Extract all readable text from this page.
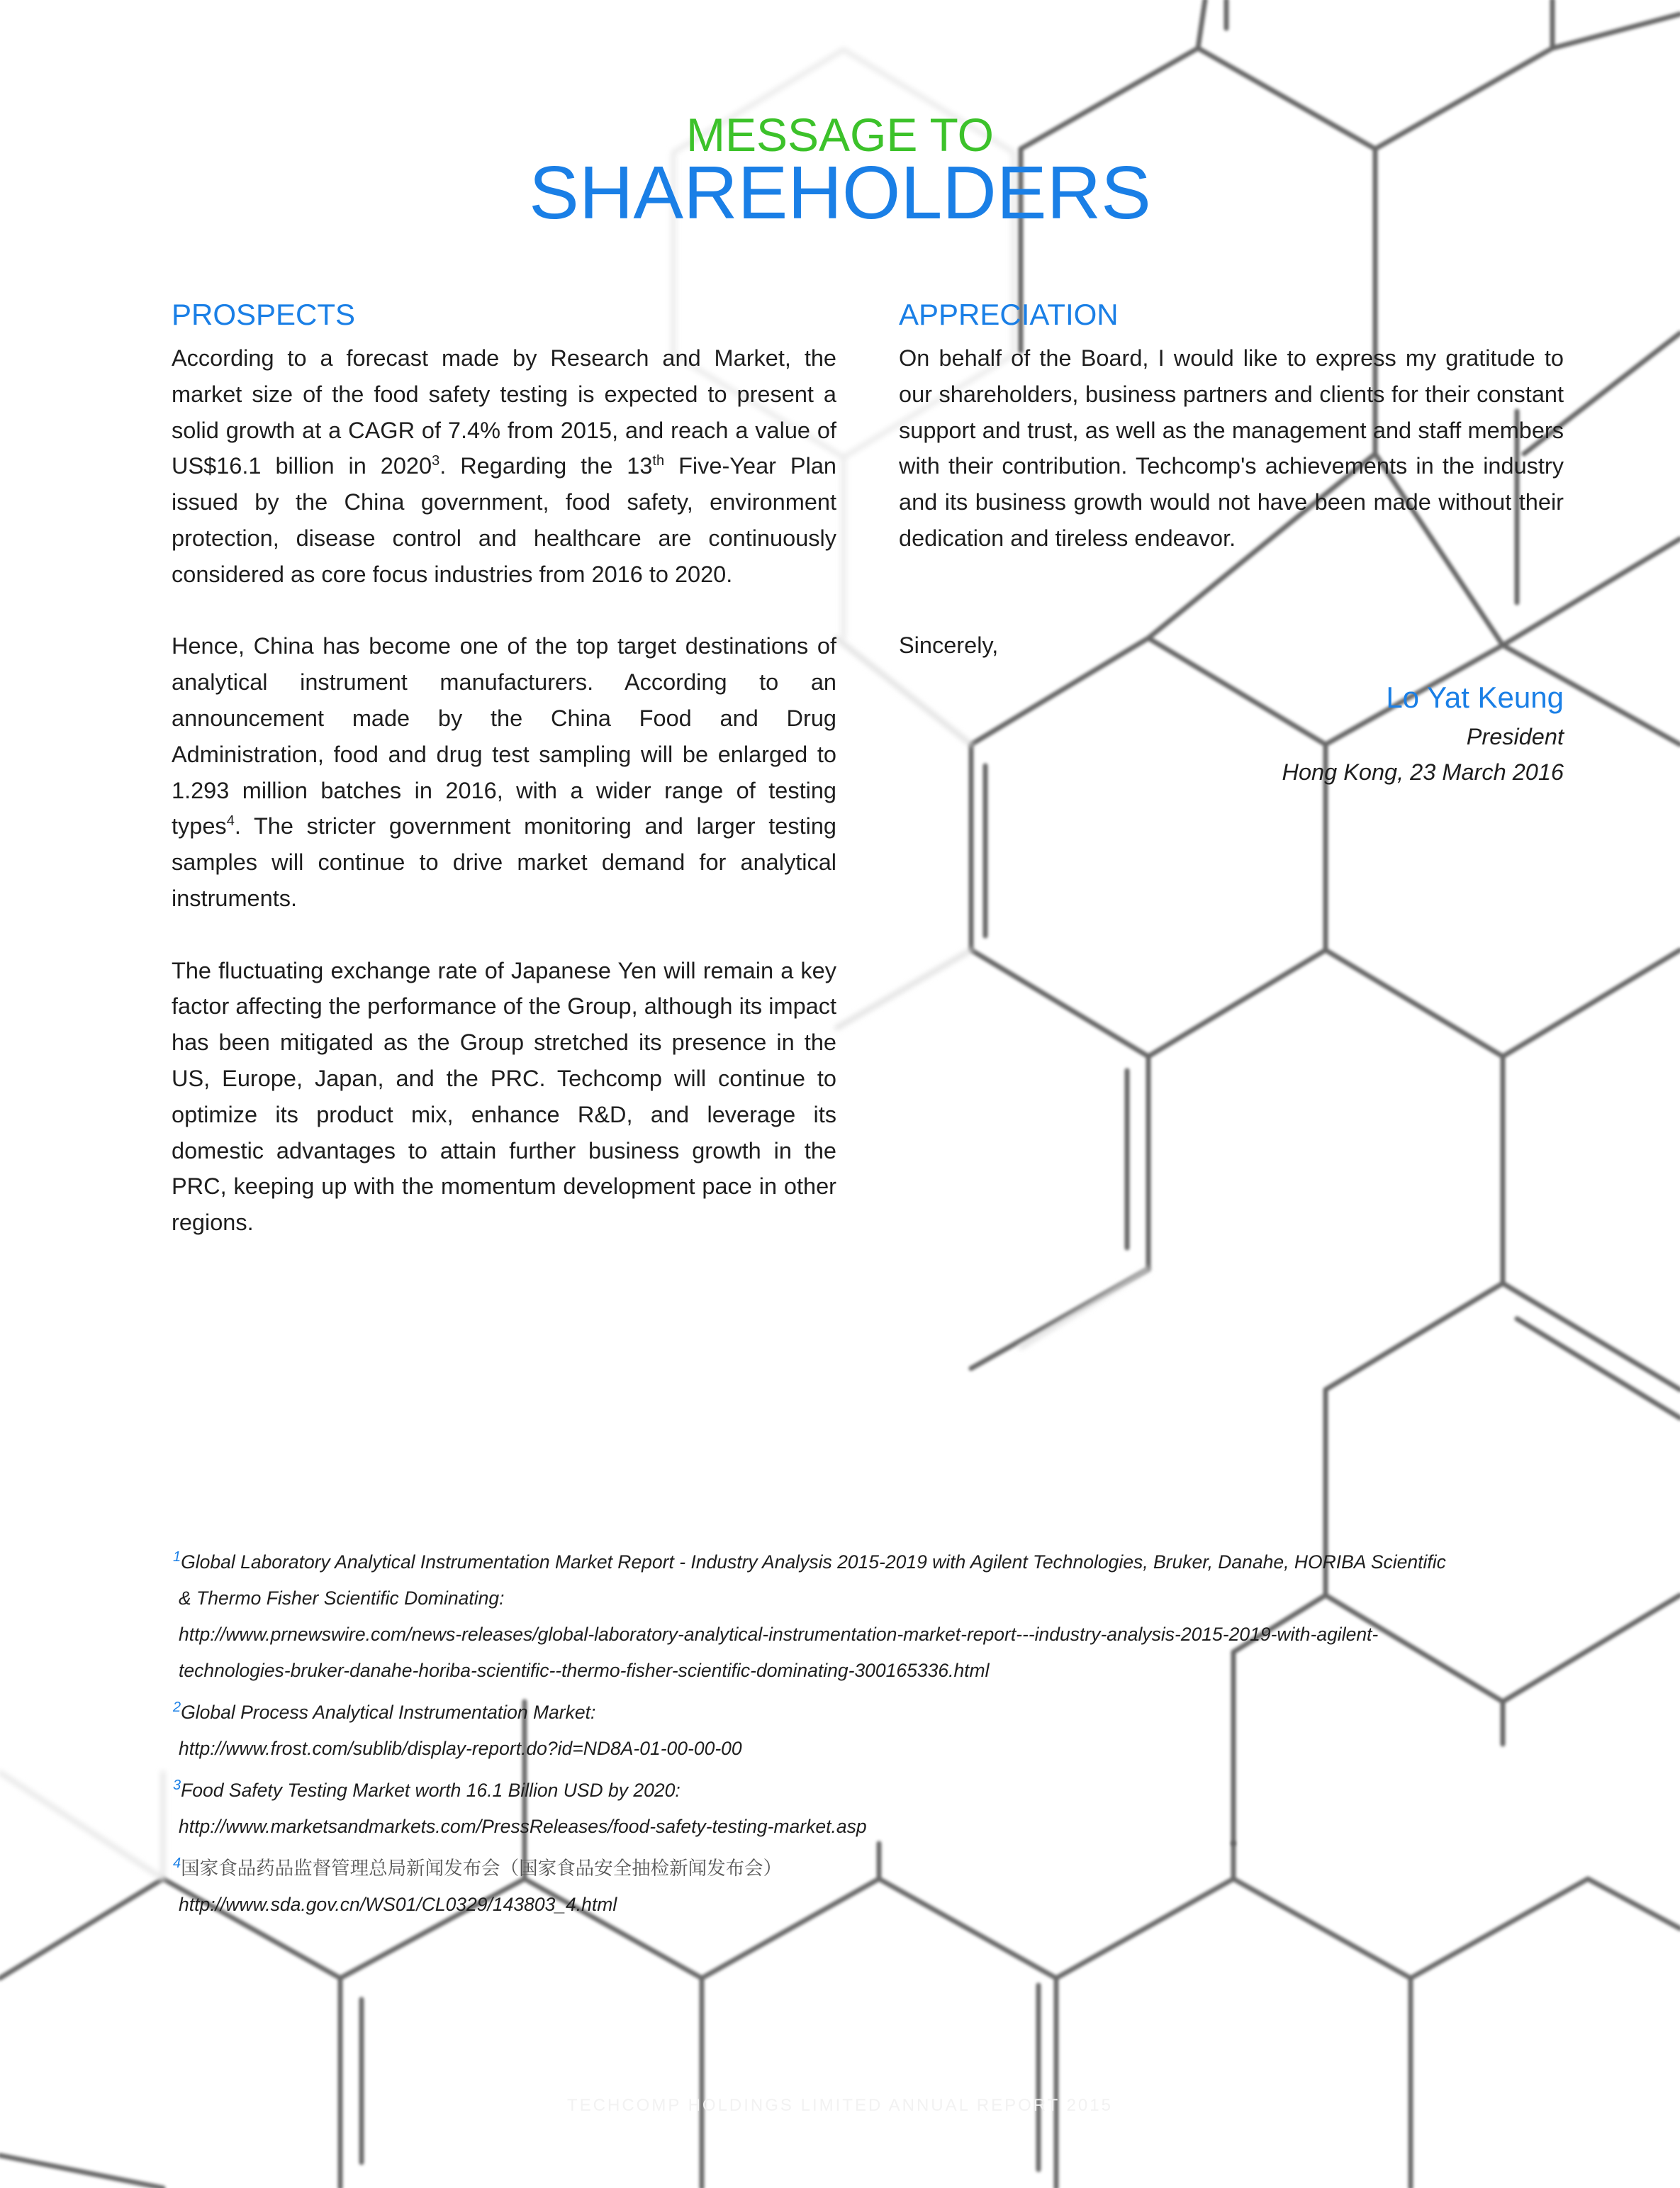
MESSAGE TO
SHAREHOLDERS
PROSPECTS

According to a forecast made by Research and Market, the market size of the food safety testing is expected to present a solid growth at a CAGR of 7.4% from 2015, and reach a value of US$16.1 billion in 2020$^3$. Regarding the 13th Five-Year Plan issued by the China government, food safety, environment protection, disease control and healthcare are continuously considered as core focus industries from 2016 to 2020.

Hence, China has become one of the top target destinations of analytical instrument manufacturers. According to an announcement made by the China Food and Drug Administration, food and drug test sampling will be enlarged to 1.293 million batches in 2016, with a wider range of testing types$^4$. The stricter government monitoring and larger testing samples will continue to drive market demand for analytical instruments.

The fluctuating exchange rate of Japanese Yen will remain a key factor affecting the performance of the Group, although its impact has been mitigated as the Group stretched its presence in the US, Europe, Japan, and the PRC. Techcomp will continue to optimize its product mix, enhance R&D, and leverage its domestic advantages to attain further business growth in the PRC, keeping up with the momentum development pace in other regions.

APPRECIATION

On behalf of the Board, I would like to express my gratitude to our shareholders, business partners and clients for their constant support and trust, as well as the management and staff members with their contribution. Techcomp's achievements in the industry and its business growth would not have been made without their dedication and tireless endeavor.

Sincerely,
Lo Yat Keung
President
Hong Kong, 23 March 2016
$^1$Global Laboratory Analytical Instrumentation Market Report - Industry Analysis 2015-2019 with Agilent Technologies, Bruker, Danahe, HORIBA Scientific
& Thermo Fisher Scientific Dominating:
http://www.prnewswire.com/news-releases/global-laboratory-analytical-instrumentation-market-report---industry-analysis-2015-2019-with-agilent-
technologies-bruker-danahe-horiba-scientific--thermo-fisher-scientific-dominating-300165336.html
$^2$Global Process Analytical Instrumentation Market:
http://www.frost.com/sublib/display-report.do?id=ND8A-01-00-00-00
$^3$Food Safety Testing Market worth 16.1 Billion USD by 2020:
http://www.marketsandmarkets.com/PressReleases/food-safety-testing-market.asp
$^4$国家食品药品监督管理总局新闻发布会（国家食品安全抽检新闻发布会）
http://www.sda.gov.cn/WS01/CL0329/143803_4.html
TECHCOMP HOLDINGS LIMITED ANNUAL REPORT 2015
